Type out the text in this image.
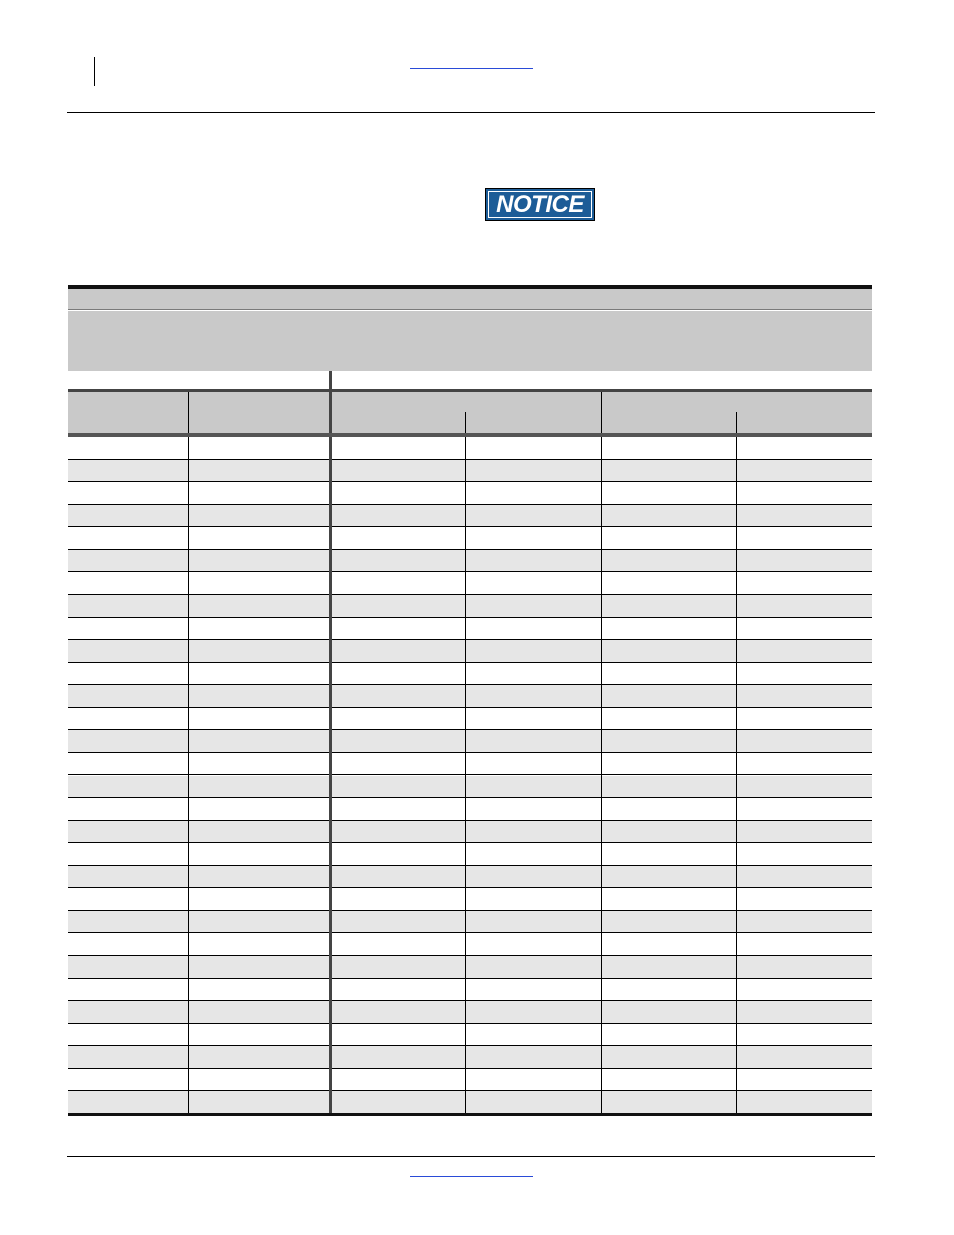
NOTICE
